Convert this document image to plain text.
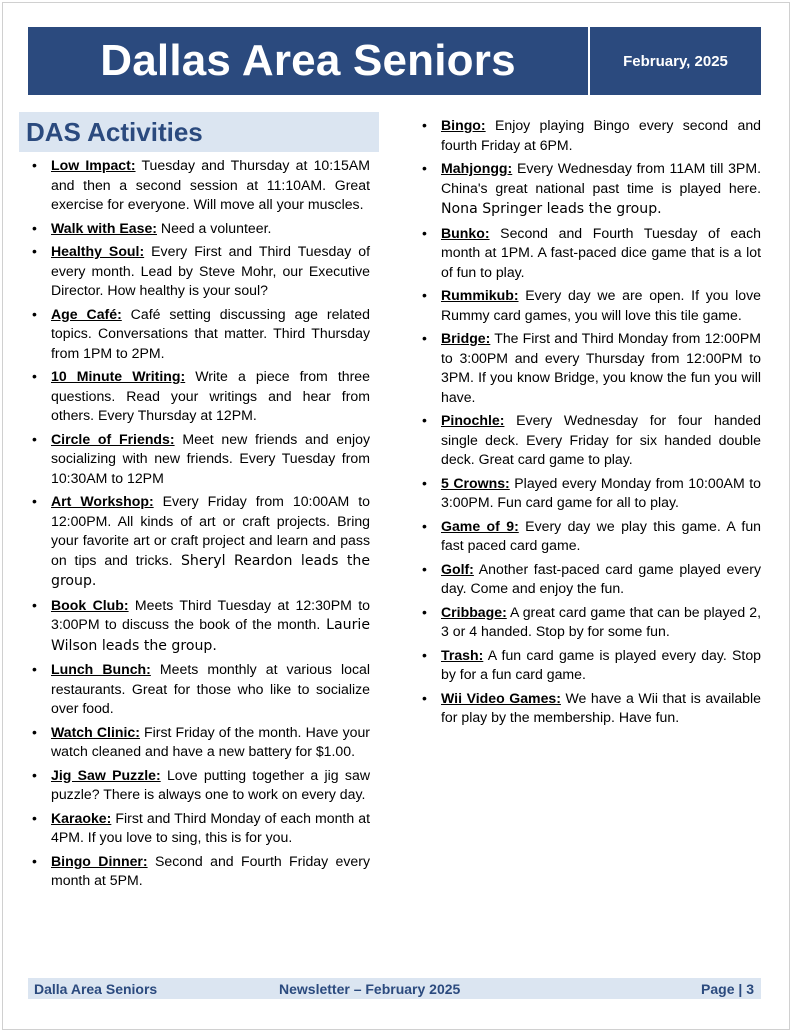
Dallas Area Seniors	February, 2025
DAS Activities
• Low Impact: Tuesday and Thursday at 10:15AM and then a second session at 11:10AM. Great exercise for everyone. Will move all your muscles.
• Walk with Ease: Need a volunteer.
• Healthy Soul: Every First and Third Tuesday of every month. Lead by Steve Mohr, our Executive Director. How healthy is your soul?
• Age Café: Café setting discussing age related topics. Conversations that matter. Third Thursday from 1PM to 2PM.
• 10 Minute Writing: Write a piece from three questions. Read your writings and hear from others. Every Thursday at 12PM.
• Circle of Friends: Meet new friends and enjoy socializing with new friends. Every Tuesday from 10:30AM to 12PM
• Art Workshop: Every Friday from 10:00AM to 12:00PM. All kinds of art or craft projects. Bring your favorite art or craft project and learn and pass on tips and tricks. Sheryl Reardon leads the group.
• Book Club: Meets Third Tuesday at 12:30PM to 3:00PM to discuss the book of the month. Laurie Wilson leads the group.
• Lunch Bunch: Meets monthly at various local restaurants. Great for those who like to socialize over food.
• Watch Clinic: First Friday of the month. Have your watch cleaned and have a new battery for $1.00.
• Jig Saw Puzzle: Love putting together a jig saw puzzle? There is always one to work on every day.
• Karaoke: First and Third Monday of each month at 4PM. If you love to sing, this is for you.
• Bingo Dinner: Second and Fourth Friday every month at 5PM.
• Bingo: Enjoy playing Bingo every second and fourth Friday at 6PM.
• Mahjongg: Every Wednesday from 11AM till 3PM. China's great national past time is played here. Nona Springer leads the group.
• Bunko: Second and Fourth Tuesday of each month at 1PM. A fast-paced dice game that is a lot of fun to play.
• Rummikub: Every day we are open. If you love Rummy card games, you will love this tile game.
• Bridge: The First and Third Monday from 12:00PM to 3:00PM and every Thursday from 12:00PM to 3PM. If you know Bridge, you know the fun you will have.
• Pinochle: Every Wednesday for four handed single deck. Every Friday for six handed double deck. Great card game to play.
• 5 Crowns: Played every Monday from 10:00AM to 3:00PM. Fun card game for all to play.
• Game of 9: Every day we play this game. A fun fast paced card game.
• Golf: Another fast-paced card game played every day. Come and enjoy the fun.
• Cribbage: A great card game that can be played 2, 3 or 4 handed. Stop by for some fun.
• Trash: A fun card game is played every day. Stop by for a fun card game.
• Wii Video Games: We have a Wii that is available for play by the membership. Have fun.
Dalla Area Seniors	Newsletter – February 2025	Page | 3
